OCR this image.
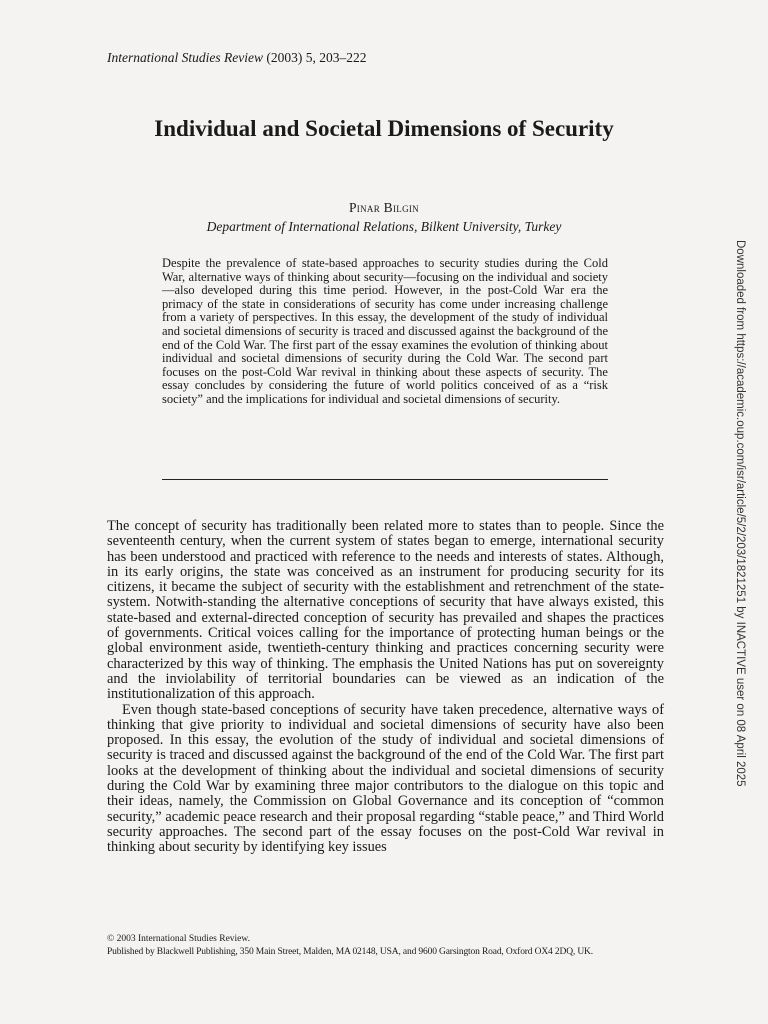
International Studies Review (2003) 5, 203–222
Individual and Societal Dimensions of Security
Pinar Bilgin
Department of International Relations, Bilkent University, Turkey

Despite the prevalence of state-based approaches to security studies during the Cold War, alternative ways of thinking about security—focusing on the individual and society—also developed during this time period. However, in the post-Cold War era the primacy of the state in considerations of security has come under increasing challenge from a variety of perspectives. In this essay, the development of the study of individual and societal dimensions of security is traced and discussed against the background of the end of the Cold War. The first part of the essay examines the evolution of thinking about individual and societal dimensions of security during the Cold War. The second part focuses on the post-Cold War revival in thinking about these aspects of security. The essay concludes by considering the future of world politics conceived of as a “risk society” and the implications for individual and societal dimensions of security.

The concept of security has traditionally been related more to states than to people. Since the seventeenth century, when the current system of states began to emerge, international security has been understood and practiced with reference to the needs and interests of states. Although, in its early origins, the state was conceived as an instrument for producing security for its citizens, it became the subject of security with the establishment and retrenchment of the state-system. Notwith-standing the alternative conceptions of security that have always existed, this state-based and external-directed conception of security has prevailed and shapes the practices of governments. Critical voices calling for the importance of protecting human beings or the global environment aside, twentieth-century thinking and practices concerning security were characterized by this way of thinking. The emphasis the United Nations has put on sovereignty and the inviolability of territorial boundaries can be viewed as an indication of the institutionalization of this approach.

Even though state-based conceptions of security have taken precedence, alternative ways of thinking that give priority to individual and societal dimensions of security have also been proposed. In this essay, the evolution of the study of individual and societal dimensions of security is traced and discussed against the background of the end of the Cold War. The first part looks at the development of thinking about the individual and societal dimensions of security during the Cold War by examining three major contributors to the dialogue on this topic and their ideas, namely, the Commission on Global Governance and its conception of “common security,” academic peace research and their proposal regarding “stable peace,” and Third World security approaches. The second part of the essay focuses on the post-Cold War revival in thinking about security by identifying key issues

© 2003 International Studies Review.
Published by Blackwell Publishing, 350 Main Street, Malden, MA 02148, USA, and 9600 Garsington Road, Oxford OX4 2DQ, UK.
Downloaded from https://academic.oup.com/isr/article/5/2/203/1821251 by INACTIVE user on 08 April 2025
